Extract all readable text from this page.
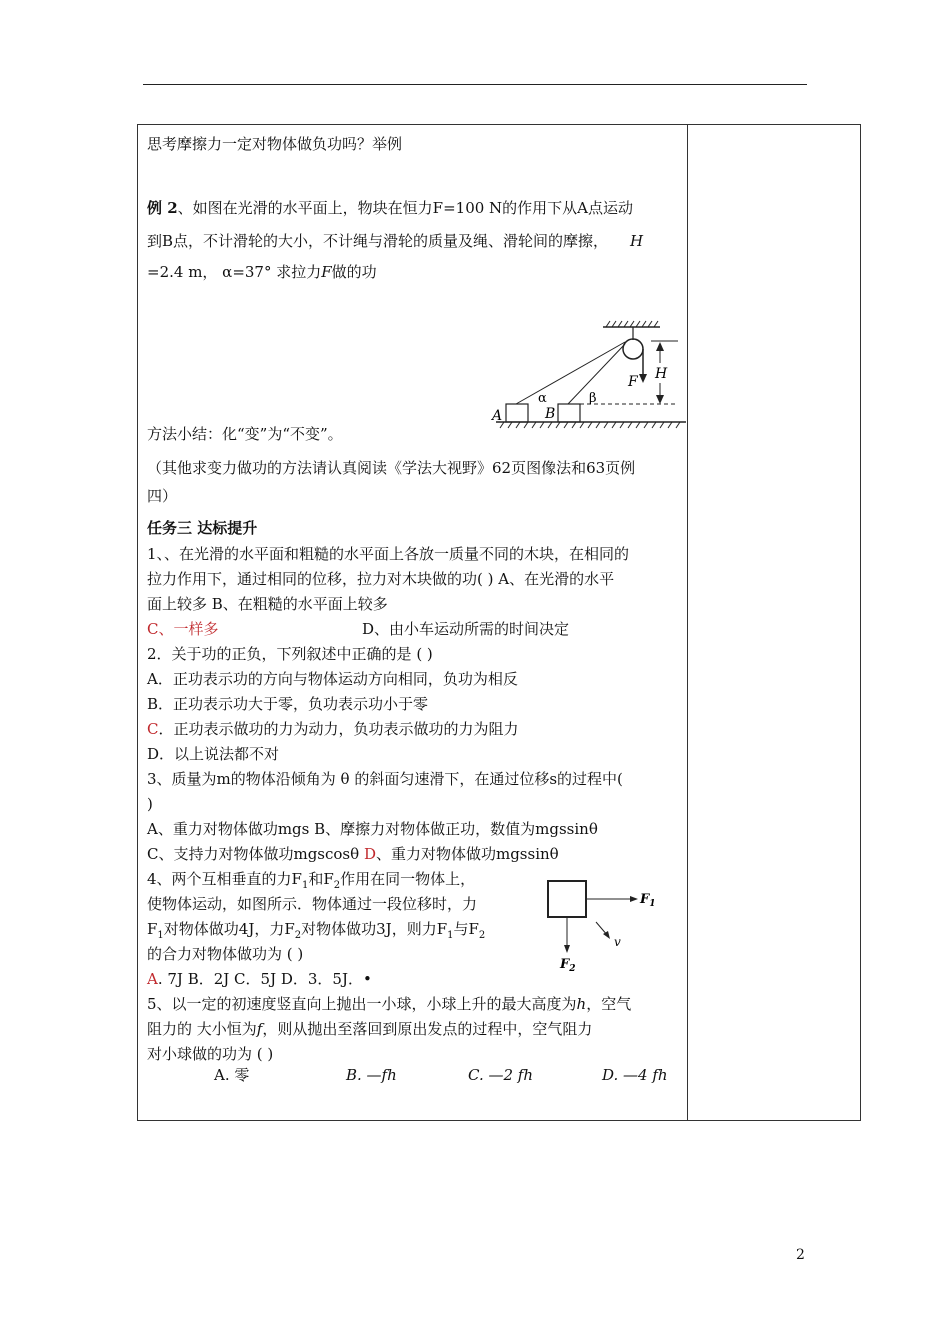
思考摩擦力一定对物体做负功吗？举例
例 2、如图在光滑的水平面上，物块在恒力F=100 N的作用下从A点运动
到B点，不计滑轮的大小，不计绳与滑轮的质量及绳、滑轮间的摩擦， H
=2.4 m， α=37° 求拉力F做的功
F H
A	B
α	β
方法小结：化“变”为“不变”。
（其他求变力做功的方法请认真阅读《学法大视野》62页图像法和63页例
四）
任务三 达标提升
1、、在光滑的水平面和粗糙的水平面上各放一质量不同的木块，在相同的
拉力作用下，通过相同的位移，拉力对木块做的功( ) A、在光滑的水平
面上较多 B、在粗糙的水平面上较多
C、一样多	D、由小车运动所需的时间决定
2．关于功的正负，下列叙述中正确的是 ( )
A．正功表示功的方向与物体运动方向相同，负功为相反
B．正功表示功大于零，负功表示功小于零
C．正功表示做功的力为动力，负功表示做功的力为阻力
D．以上说法都不对
3、质量为m的物体沿倾角为 θ 的斜面匀速滑下，在通过位移s的过程中(
)
A、重力对物体做功mgs B、摩擦力对物体做正功，数值为mgssinθ
C、支持力对物体做功mgscosθ D、重力对物体做功mgssinθ
4、两个互相垂直的力$F_1$和$F_2$作用在同一物体上，
使物体运动，如图所示．物体通过一段位移时，力
$F_1$对物体做功4J，力$F_2$对物体做功3J，则力$F_1$与$F_2$
的合力对物体做功为 ( )
A. 7J B．2J C．5J D．3．5J．•
$F_1$
$F_2$
v
5、以一定的初速度竖直向上抛出一小球，小球上升的最大高度为h，空气
阻力的 大小恒为f，则从抛出至落回到原出发点的过程中，空气阻力
对小球做的功为 ( )
A. 零	B. —fh	C. —2 fh	D. —4 fh
2
